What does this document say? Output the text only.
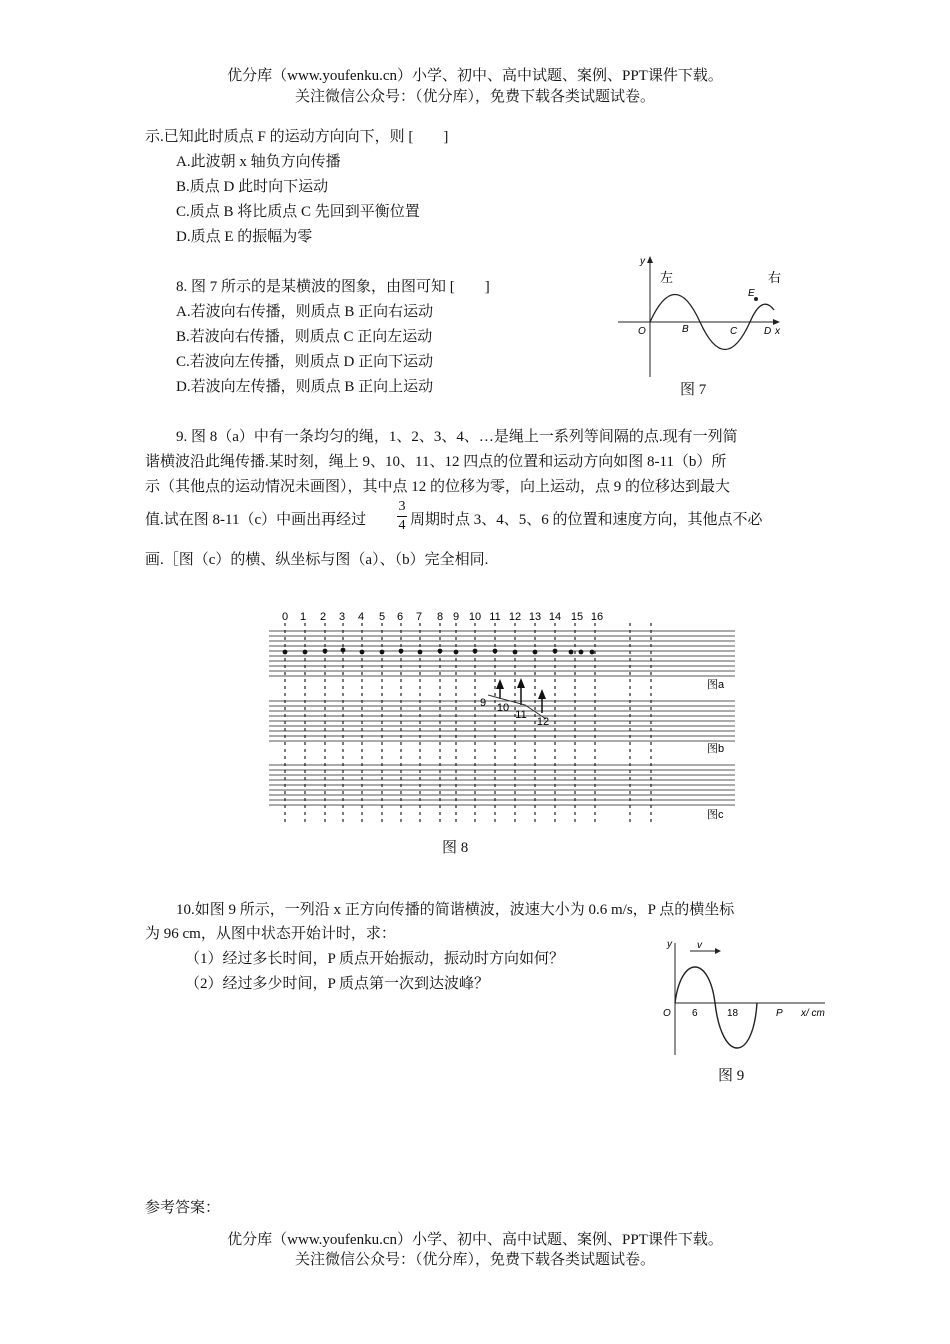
优分库（www.youfenku.cn）小学、初中、高中试题、案例、PPT课件下载。
关注微信公众号：（优分库），免费下载各类试题试卷。
示.已知此时质点 F 的运动方向向下，则 [　　]
A.此波朝 x 轴负方向传播
B.质点 D 此时向下运动
C.质点 B 将比质点 C 先回到平衡位置
D.质点 E 的振幅为零
8. 图 7 所示的是某横波的图象，由图可知 [　　]
A.若波向右传播，则质点 B 正向右运动
B.若波向右传播，则质点 C 正向左运动
C.若波向左传播，则质点 D 正向下运动
D.若波向左传播，则质点 B 正向上运动
y
左	右
O	B	C	D
E
x
图 7
9. 图 8（a）中有一条均匀的绳，1、2、3、4、…是绳上一系列等间隔的点.现有一列简
谐横波沿此绳传播.某时刻，绳上 9、10、11、12 四点的位置和运动方向如图 8-11（b）所
示（其他点的运动情况未画图），其中点 12 的位移为零，向上运动，点 9 的位移达到最大
值.试在图 8-11（c）中画出再经过
3
4 周期时点 3、4、5、6 的位置和速度方向，其他点不必
画.［图（c）的横、纵坐标与图（a）、（b）完全相同.
0 1 2 3 4 5 6 7 8 9 10 11 12 13 14 15 16
9 10
11
12
图a
图b
图c
图 8
10.如图 9 所示，一列沿 x 正方向传播的简谐横波，波速大小为 0.6 m/s，P 点的横坐标
为 96 cm，从图中状态开始计时，求：
（1）经过多长时间，P 质点开始振动，振动时方向如何？
（2）经过多少时间，P 质点第一次到达波峰？
y	v
O 6	18	P x/ cm
图 9
参考答案：
优分库（www.youfenku.cn）小学、初中、高中试题、案例、PPT课件下载。
关注微信公众号：（优分库），免费下载各类试题试卷。
